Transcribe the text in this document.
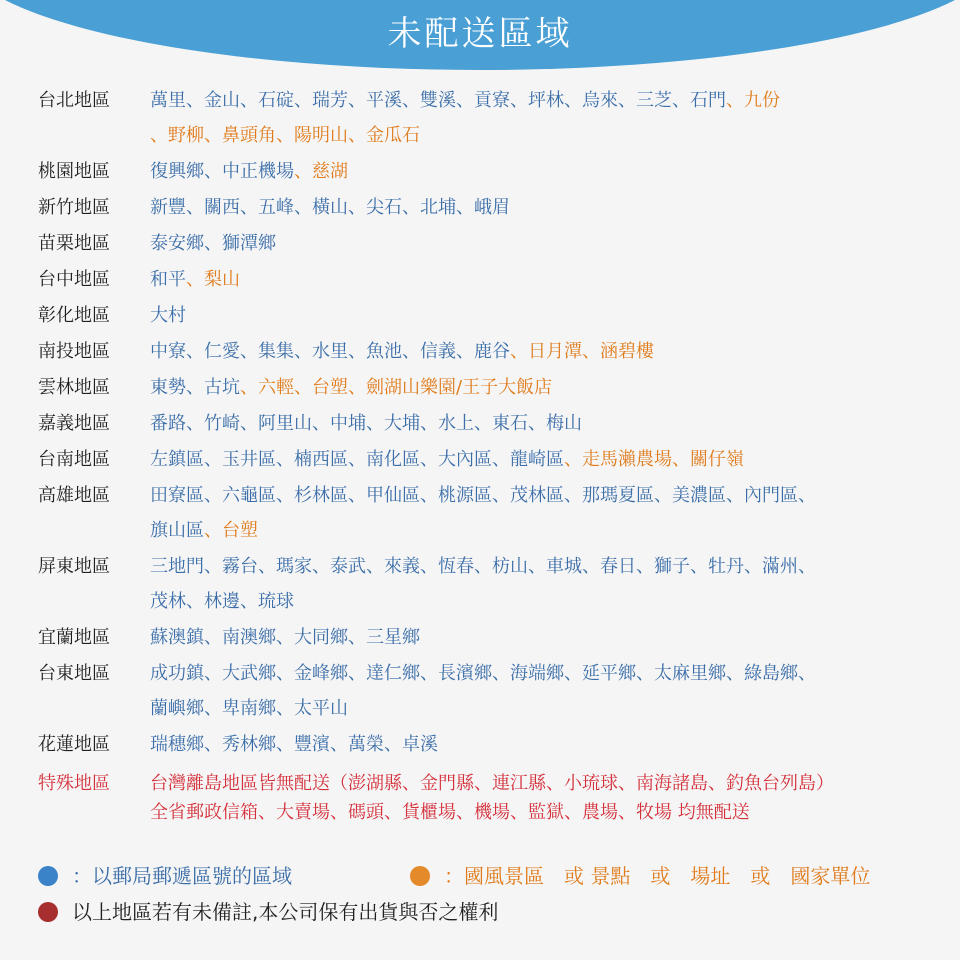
未配送區域
台北地區	萬里、金山、石碇、瑞芳、平溪、雙溪、貢寮、坪林、烏來、三芝、石門、九份
、野柳、鼻頭角、陽明山、金瓜石
桃園地區	復興鄉、中正機場、慈湖
新竹地區	新豐、關西、五峰、橫山、尖石、北埔、峨眉
苗栗地區	泰安鄉、獅潭鄉
台中地區	和平、梨山
彰化地區	大村
南投地區	中寮、仁愛、集集、水里、魚池、信義、鹿谷、日月潭、涵碧樓
雲林地區	東勢、古坑、六輕、台塑、劍湖山樂園/王子大飯店
嘉義地區	番路、竹崎、阿里山、中埔、大埔、水上、東石、梅山
台南地區	左鎮區、玉井區、楠西區、南化區、大內區、龍崎區、走馬瀨農場、關仔嶺
高雄地區	田寮區、六龜區、杉林區、甲仙區、桃源區、茂林區、那瑪夏區、美濃區、內門區、
旗山區、台塑
屏東地區	三地門、霧台、瑪家、泰武、來義、恆春、枋山、車城、春日、獅子、牡丹、滿州、
茂林、林邊、琉球
宜蘭地區	蘇澳鎮、南澳鄉、大同鄉、三星鄉
台東地區	成功鎮、大武鄉、金峰鄉、達仁鄉、長濱鄉、海端鄉、延平鄉、太麻里鄉、綠島鄉、
蘭嶼鄉、卑南鄉、太平山
花蓮地區	瑞穗鄉、秀林鄉、豐濱、萬榮、卓溪
特殊地區	台灣離島地區皆無配送（澎湖縣、金門縣、連江縣、小琉球、南海諸島、釣魚台列島）
全省郵政信箱、大賣場、碼頭、貨櫃場、機場、監獄、農場、牧場 均無配送
：以郵局郵遞區號的區域	：國風景區　或 景點　或　場址　或　國家單位
以上地區若有未備註,本公司保有出貨與否之權利
